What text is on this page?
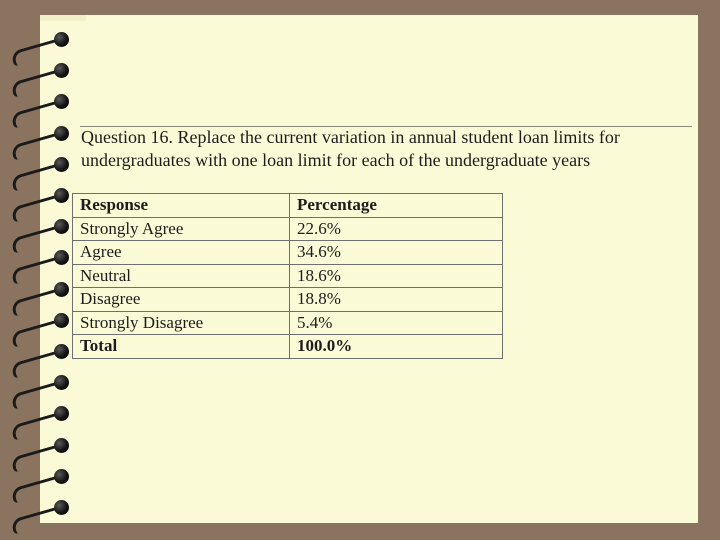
Question 16. Replace the current variation in annual student loan limits for
undergraduates with one loan limit for each of the undergraduate years
Response	Percentage
Strongly Agree	22.6%
Agree	34.6%
Neutral	18.6%
Disagree	18.8%
Strongly Disagree	5.4%
Total	100.0%
